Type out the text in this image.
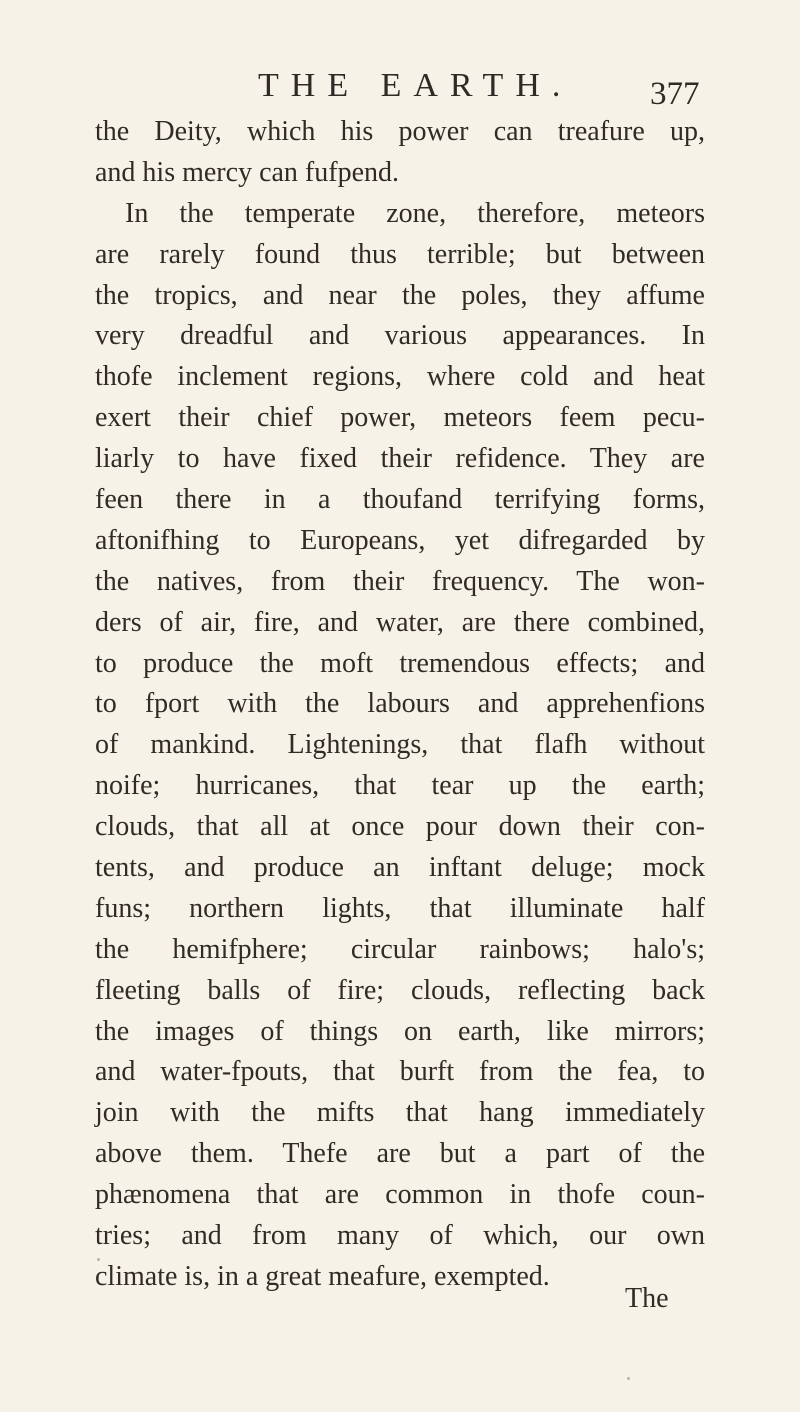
THE EARTH. 377
the Deity, which his power can treafure up,
and his mercy can fufpend.
In the temperate zone, therefore, meteors
are rarely found thus terrible; but between
the tropics, and near the poles, they affume
very dreadful and various appearances. In
thofe inclement regions, where cold and heat
exert their chief power, meteors feem pecu-
liarly to have fixed their refidence. They are
feen there in a thoufand terrifying forms,
aftonifhing to Europeans, yet difregarded by
the natives, from their frequency. The won-
ders of air, fire, and water, are there combined,
to produce the moft tremendous effects; and
to fport with the labours and apprehenfions
of mankind. Lightenings, that flafh without
noife; hurricanes, that tear up the earth;
clouds, that all at once pour down their con-
tents, and produce an inftant deluge; mock
funs; northern lights, that illuminate half
the hemifphere; circular rainbows; halo's;
fleeting balls of fire; clouds, reflecting back
the images of things on earth, like mirrors;
and water-fpouts, that burft from the fea, to
join with the mifts that hang immediately
above them. Thefe are but a part of the
phænomena that are common in thofe coun-
tries; and from many of which, our own
climate is, in a great meafure, exempted.
The
